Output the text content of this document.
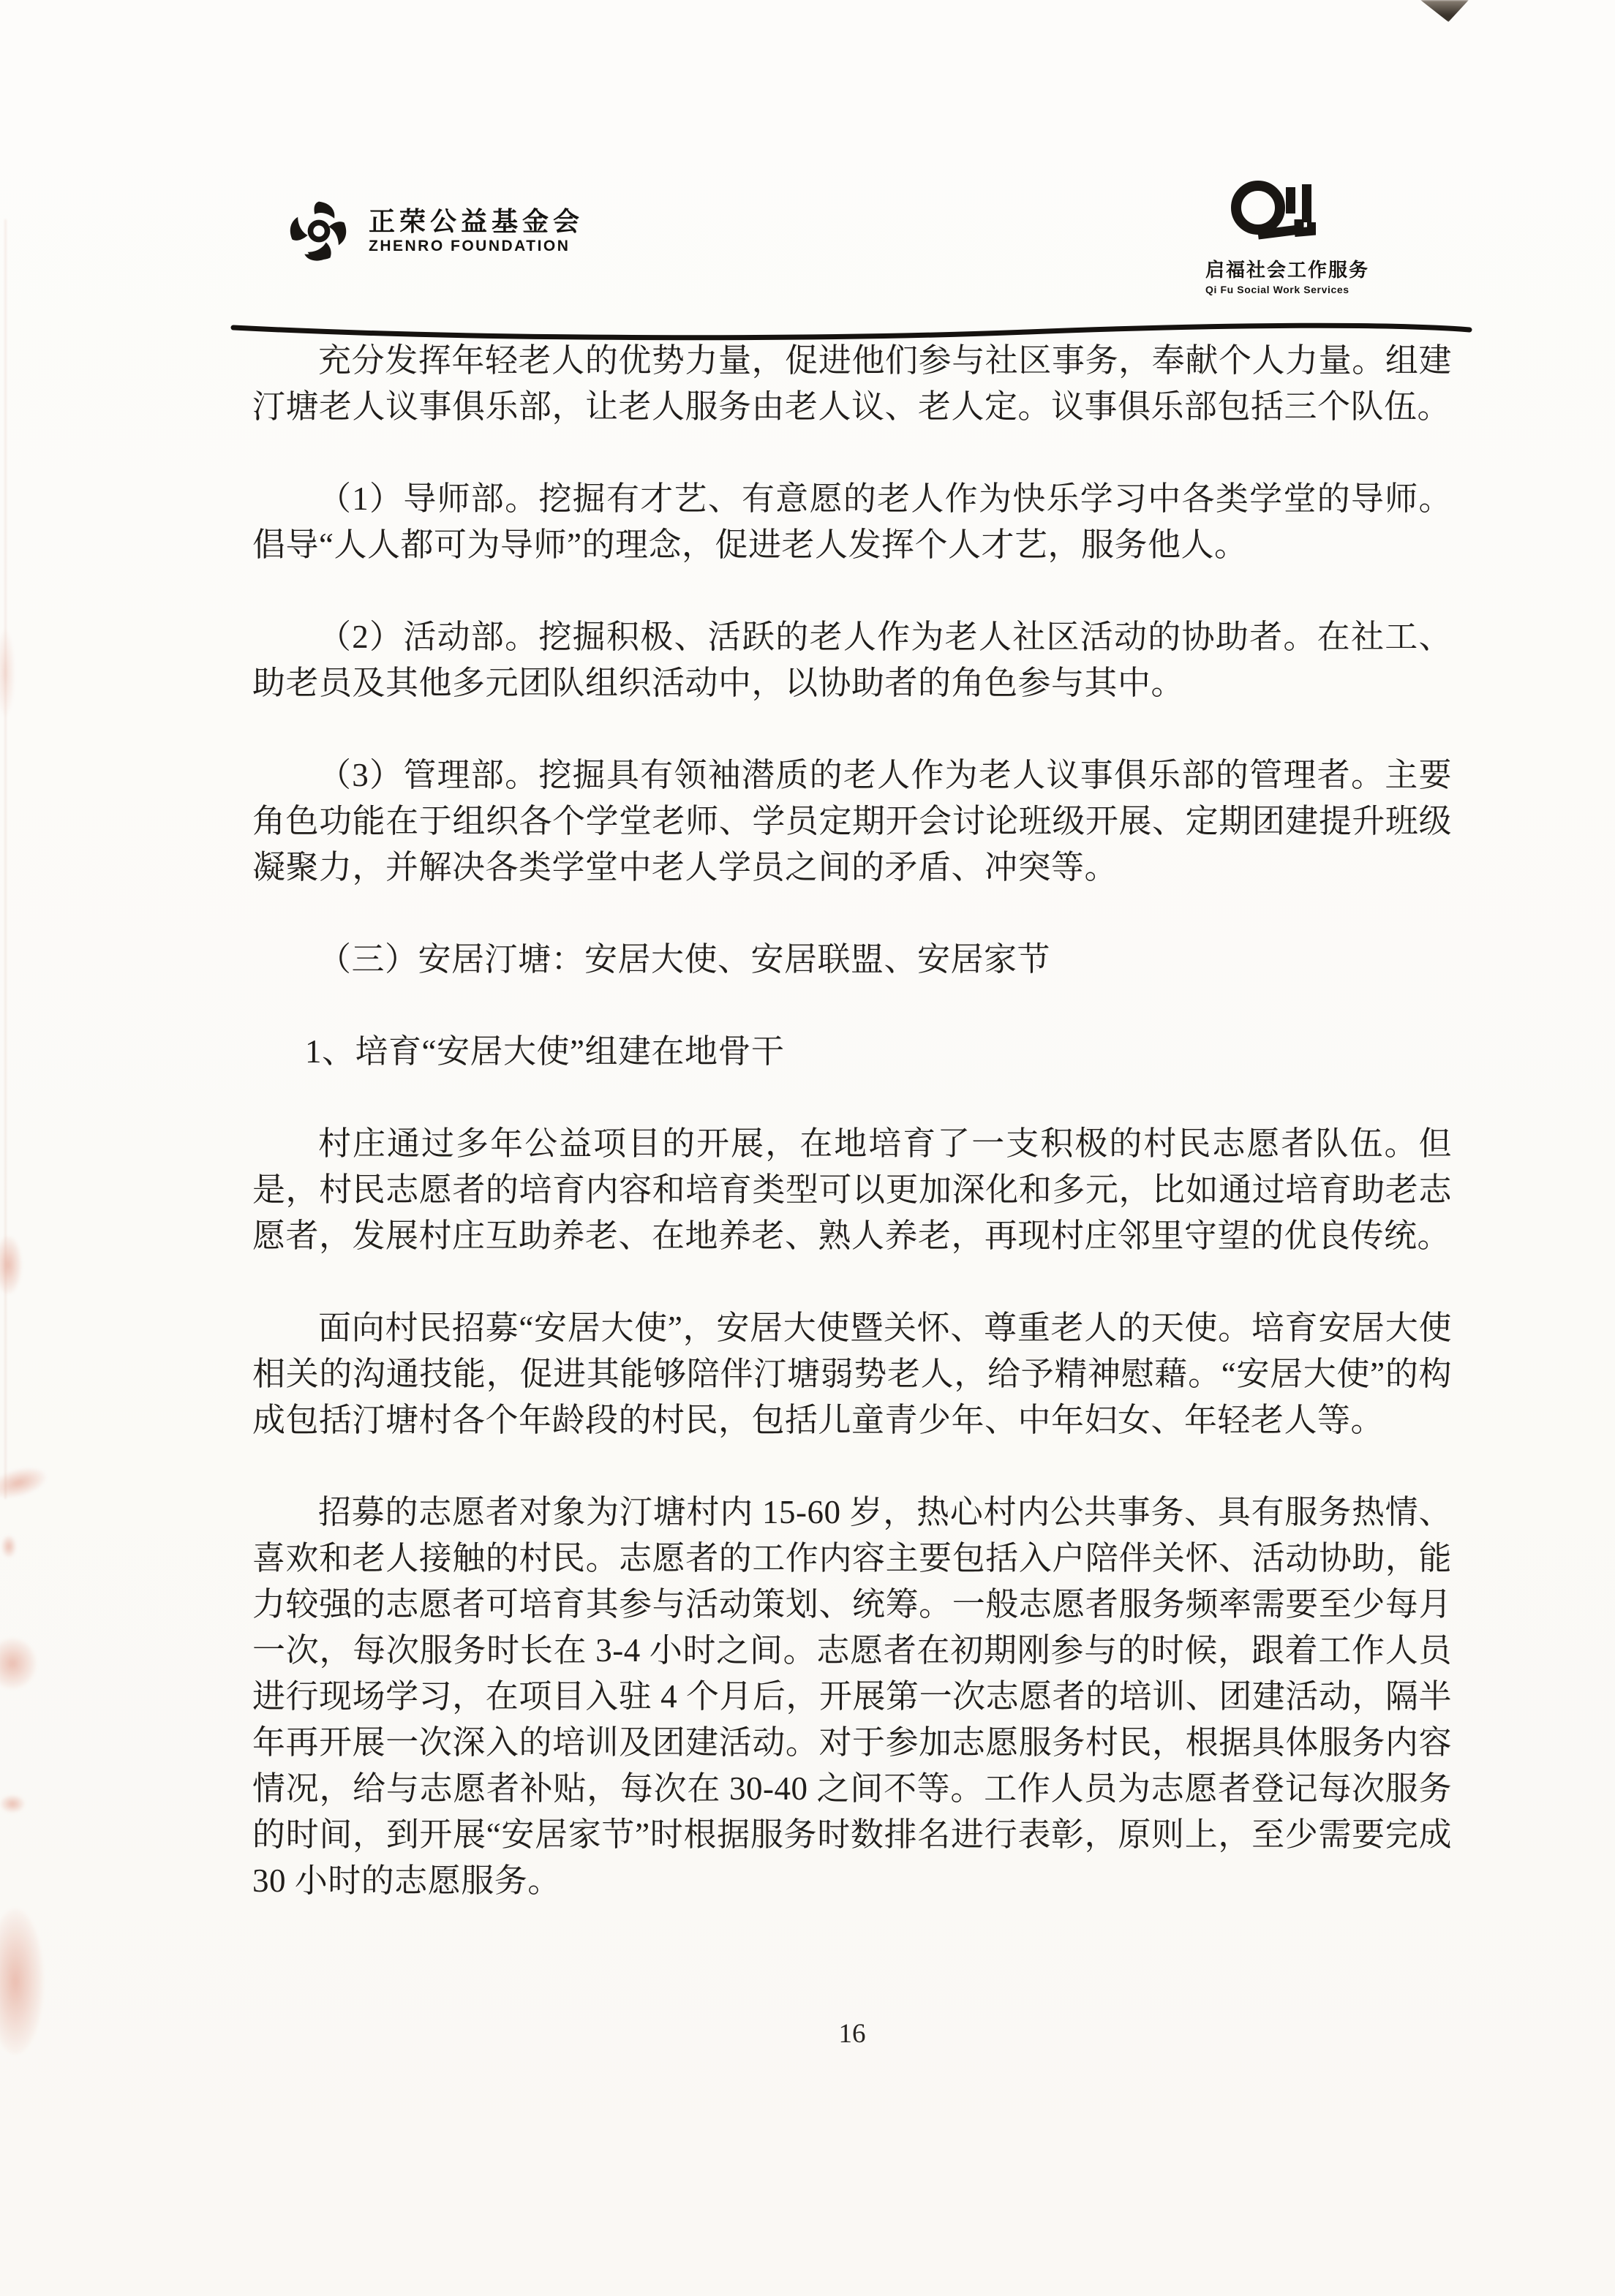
正荣公益基金会
ZHENRO FOUNDATION
启福社会工作服务
Qi Fu Social Work Services

充分发挥年轻老人的优势力量，促进他们参与社区事务，奉献个人力量。组建汀塘老人议事俱乐部，让老人服务由老人议、老人定。议事俱乐部包括三个队伍。

（1）导师部。挖掘有才艺、有意愿的老人作为快乐学习中各类学堂的导师。倡导“人人都可为导师”的理念，促进老人发挥个人才艺，服务他人。

（2）活动部。挖掘积极、活跃的老人作为老人社区活动的协助者。在社工、助老员及其他多元团队组织活动中，以协助者的角色参与其中。

（3）管理部。挖掘具有领袖潜质的老人作为老人议事俱乐部的管理者。主要角色功能在于组织各个学堂老师、学员定期开会讨论班级开展、定期团建提升班级凝聚力，并解决各类学堂中老人学员之间的矛盾、冲突等。

（三）安居汀塘：安居大使、安居联盟、安居家节

1、培育“安居大使”组建在地骨干

村庄通过多年公益项目的开展，在地培育了一支积极的村民志愿者队伍。但是，村民志愿者的培育内容和培育类型可以更加深化和多元，比如通过培育助老志愿者，发展村庄互助养老、在地养老、熟人养老，再现村庄邻里守望的优良传统。

面向村民招募“安居大使”，安居大使暨关怀、尊重老人的天使。培育安居大使相关的沟通技能，促进其能够陪伴汀塘弱势老人，给予精神慰藉。“安居大使”的构成包括汀塘村各个年龄段的村民，包括儿童青少年、中年妇女、年轻老人等。

招募的志愿者对象为汀塘村内 15-60 岁，热心村内公共事务、具有服务热情、喜欢和老人接触的村民。志愿者的工作内容主要包括入户陪伴关怀、活动协助，能力较强的志愿者可培育其参与活动策划、统筹。一般志愿者服务频率需要至少每月一次，每次服务时长在 3-4 小时之间。志愿者在初期刚参与的时候，跟着工作人员进行现场学习，在项目入驻 4 个月后，开展第一次志愿者的培训、团建活动，隔半年再开展一次深入的培训及团建活动。对于参加志愿服务村民，根据具体服务内容情况，给与志愿者补贴，每次在 30-40 之间不等。工作人员为志愿者登记每次服务的时间，到开展“安居家节”时根据服务时数排名进行表彰，原则上，至少需要完成 30 小时的志愿服务。

16
